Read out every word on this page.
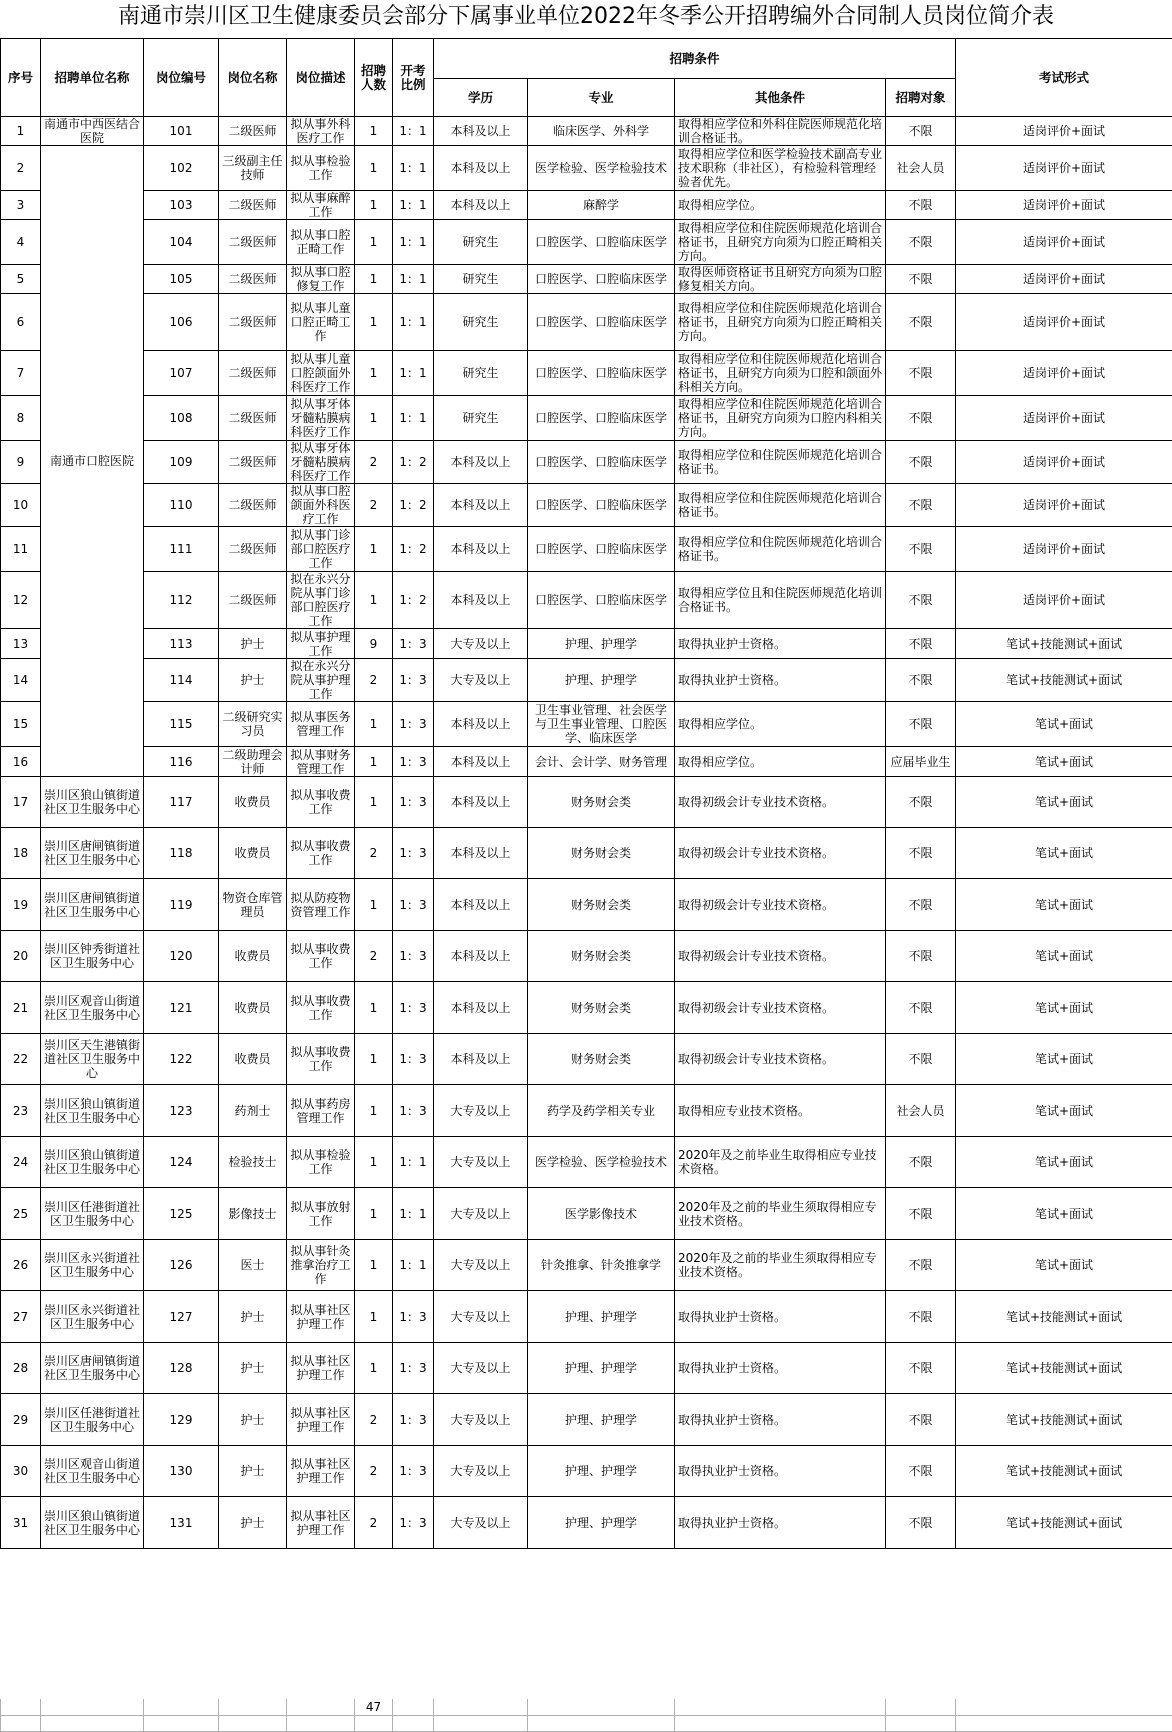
南通市崇川区卫生健康委员会部分下属事业单位2022年冬季公开招聘编外合同制人员岗位简介表
序号	招聘单位名称	岗位编号	岗位名称	岗位描述	招聘人数	开考比例	招聘条件				考试形式
							学历	专业	其他条件	招聘对象	
1	南通市中西医结合医院	101	二级医师	拟从事外科医疗工作	1	1：1	本科及以上	临床医学、外科学	取得相应学位和外科住院医师规范化培训合格证书。	不限	适岗评价+面试
2	南通市口腔医院	102	三级副主任技师	拟从事检验工作	1	1：1	本科及以上	医学检验、医学检验技术	取得相应学位和医学检验技术副高专业技术职称（非社区），有检验科管理经验者优先。	社会人员	适岗评价+面试
3		103	二级医师	拟从事麻醉工作	1	1：1	本科及以上	麻醉学	取得相应学位。	不限	适岗评价+面试
4		104	二级医师	拟从事口腔正畸工作	1	1：1	研究生	口腔医学、口腔临床医学	取得相应学位和住院医师规范化培训合格证书，且研究方向须为口腔正畸相关方向。	不限	适岗评价+面试
5		105	二级医师	拟从事口腔修复工作	1	1：1	研究生	口腔医学、口腔临床医学	取得医师资格证书且研究方向须为口腔修复相关方向。	不限	适岗评价+面试
6		106	二级医师	拟从事儿童口腔正畸工作	1	1：1	研究生	口腔医学、口腔临床医学	取得相应学位和住院医师规范化培训合格证书，且研究方向须为口腔正畸相关方向。	不限	适岗评价+面试
7		107	二级医师	拟从事儿童口腔颌面外科医疗工作	1	1：1	研究生	口腔医学、口腔临床医学	取得相应学位和住院医师规范化培训合格证书，且研究方向须为口腔和颌面外科相关方向。	不限	适岗评价+面试
8		108	二级医师	拟从事牙体牙髓粘膜病科医疗工作	1	1：1	研究生	口腔医学、口腔临床医学	取得相应学位和住院医师规范化培训合格证书，且研究方向须为口腔内科相关方向。	不限	适岗评价+面试
9		109	二级医师	拟从事牙体牙髓粘膜病科医疗工作	2	1：2	本科及以上	口腔医学、口腔临床医学	取得相应学位和住院医师规范化培训合格证书。	不限	适岗评价+面试
10		110	二级医师	拟从事口腔颌面外科医疗工作	2	1：2	本科及以上	口腔医学、口腔临床医学	取得相应学位和住院医师规范化培训合格证书。	不限	适岗评价+面试
11		111	二级医师	拟从事门诊部口腔医疗工作	1	1：2	本科及以上	口腔医学、口腔临床医学	取得相应学位和住院医师规范化培训合格证书。	不限	适岗评价+面试
12		112	二级医师	拟在永兴分院从事门诊部口腔医疗工作	1	1：2	本科及以上	口腔医学、口腔临床医学	取得相应学位且和住院医师规范化培训合格证书。	不限	适岗评价+面试
13		113	护士	拟从事护理工作	9	1：3	大专及以上	护理、护理学	取得执业护士资格。	不限	笔试+技能测试+面试
14		114	护士	拟在永兴分院从事护理工作	2	1：3	大专及以上	护理、护理学	取得执业护士资格。	不限	笔试+技能测试+面试
15		115	二级研究实习员	拟从事医务管理工作	1	1：3	本科及以上	卫生事业管理、社会医学与卫生事业管理、口腔医学、临床医学	取得相应学位。	不限	笔试+面试
16		116	二级助理会计师	拟从事财务管理工作	1	1：3	本科及以上	会计、会计学、财务管理	取得相应学位。	应届毕业生	笔试+面试
17	崇川区狼山镇街道社区卫生服务中心	117	收费员	拟从事收费工作	1	1：3	本科及以上	财务财会类	取得初级会计专业技术资格。	不限	笔试+面试
18	崇川区唐闸镇街道社区卫生服务中心	118	收费员	拟从事收费工作	2	1：3	本科及以上	财务财会类	取得初级会计专业技术资格。	不限	笔试+面试
19	崇川区唐闸镇街道社区卫生服务中心	119	物资仓库管理员	拟从防疫物资管理工作	1	1：3	本科及以上	财务财会类	取得初级会计专业技术资格。	不限	笔试+面试
20	崇川区钟秀街道社区卫生服务中心	120	收费员	拟从事收费工作	2	1：3	本科及以上	财务财会类	取得初级会计专业技术资格。	不限	笔试+面试
21	崇川区观音山街道社区卫生服务中心	121	收费员	拟从事收费工作	1	1：3	本科及以上	财务财会类	取得初级会计专业技术资格。	不限	笔试+面试
22	崇川区天生港镇街道社区卫生服务中心	122	收费员	拟从事收费工作	1	1：3	本科及以上	财务财会类	取得初级会计专业技术资格。	不限	笔试+面试
23	崇川区狼山镇街道社区卫生服务中心	123	药剂士	拟从事药房管理工作	1	1：3	大专及以上	药学及药学相关专业	取得相应专业技术资格。	社会人员	笔试+面试
24	崇川区狼山镇街道社区卫生服务中心	124	检验技士	拟从事检验工作	1	1：1	大专及以上	医学检验、医学检验技术	2020年及之前毕业生取得相应专业技术资格。	不限	笔试+面试
25	崇川区任港街道社区卫生服务中心	125	影像技士	拟从事放射工作	1	1：1	大专及以上	医学影像技术	2020年及之前的毕业生须取得相应专业技术资格。	不限	笔试+面试
26	崇川区永兴街道社区卫生服务中心	126	医士	拟从事针灸推拿治疗工作	1	1：1	大专及以上	针灸推拿、针灸推拿学	2020年及之前的毕业生须取得相应专业技术资格。	不限	笔试+面试
27	崇川区永兴街道社区卫生服务中心	127	护士	拟从事社区护理工作	1	1：3	大专及以上	护理、护理学	取得执业护士资格。	不限	笔试+技能测试+面试
28	崇川区唐闸镇街道社区卫生服务中心	128	护士	拟从事社区护理工作	1	1：3	大专及以上	护理、护理学	取得执业护士资格。	不限	笔试+技能测试+面试
29	崇川区任港街道社区卫生服务中心	129	护士	拟从事社区护理工作	2	1：3	大专及以上	护理、护理学	取得执业护士资格。	不限	笔试+技能测试+面试
30	崇川区观音山街道社区卫生服务中心	130	护士	拟从事社区护理工作	2	1：3	大专及以上	护理、护理学	取得执业护士资格。	不限	笔试+技能测试+面试
31	崇川区狼山镇街道社区卫生服务中心	131	护士	拟从事社区护理工作	2	1：3	大专及以上	护理、护理学	取得执业护士资格。	不限	笔试+技能测试+面试
					47						
